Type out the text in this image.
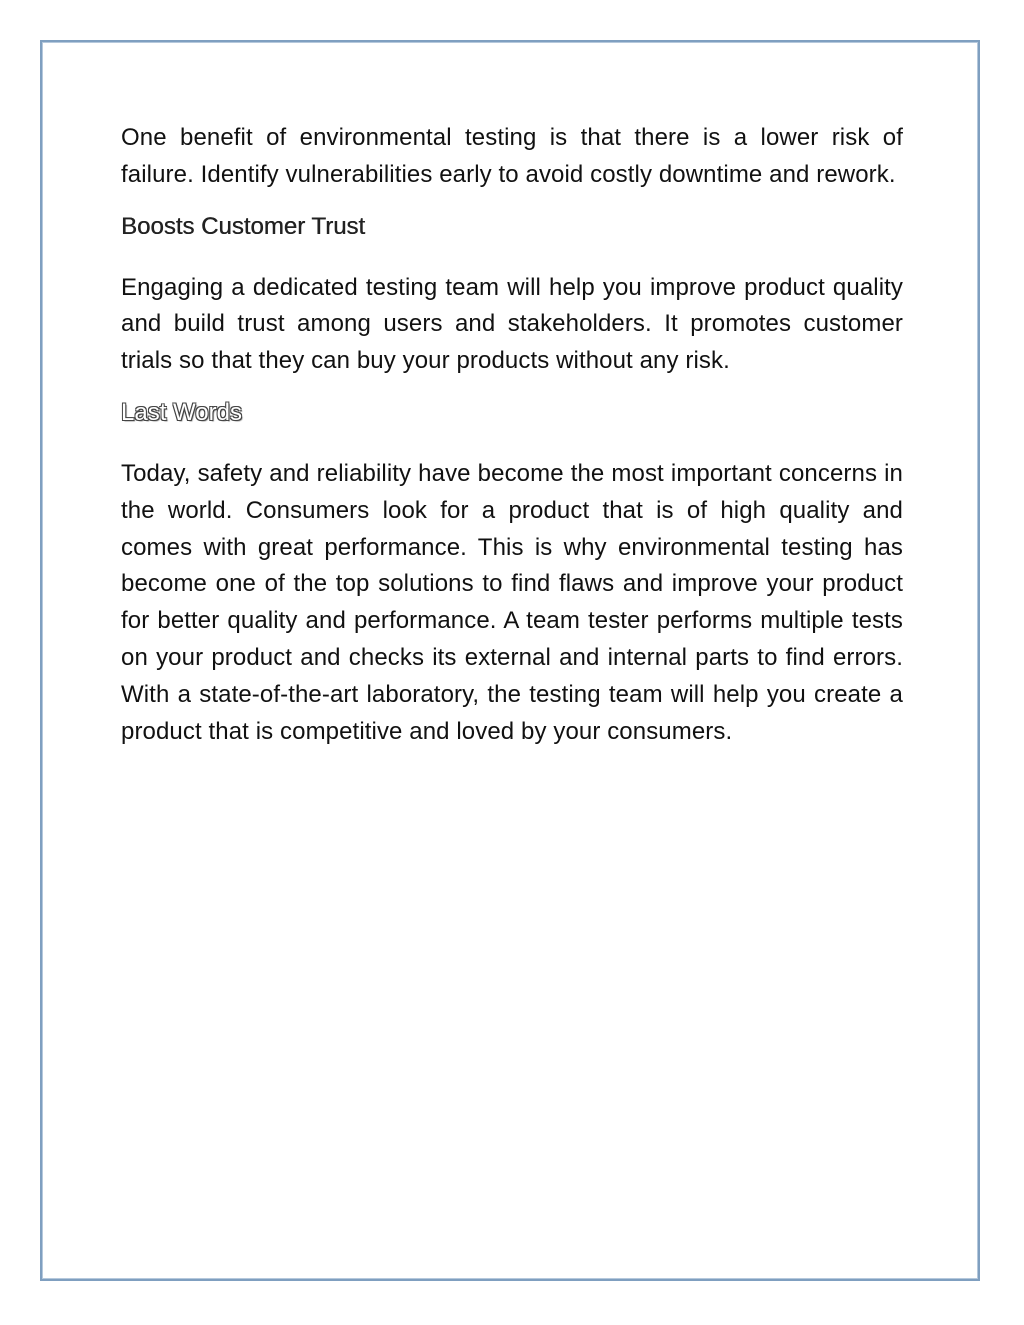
One benefit of environmental testing is that there is a lower risk of failure. Identify vulnerabilities early to avoid costly downtime and rework.

Boosts Customer Trust

Engaging a dedicated testing team will help you improve product quality and build trust among users and stakeholders. It promotes customer trials so that they can buy your products without any risk.

Last Words

Today, safety and reliability have become the most important concerns in the world. Consumers look for a product that is of high quality and comes with great performance. This is why environmental testing has become one of the top solutions to find flaws and improve your product for better quality and performance. A team tester performs multiple tests on your product and checks its external and internal parts to find errors. With a state-of-the-art laboratory, the testing team will help you create a product that is competitive and loved by your consumers.
